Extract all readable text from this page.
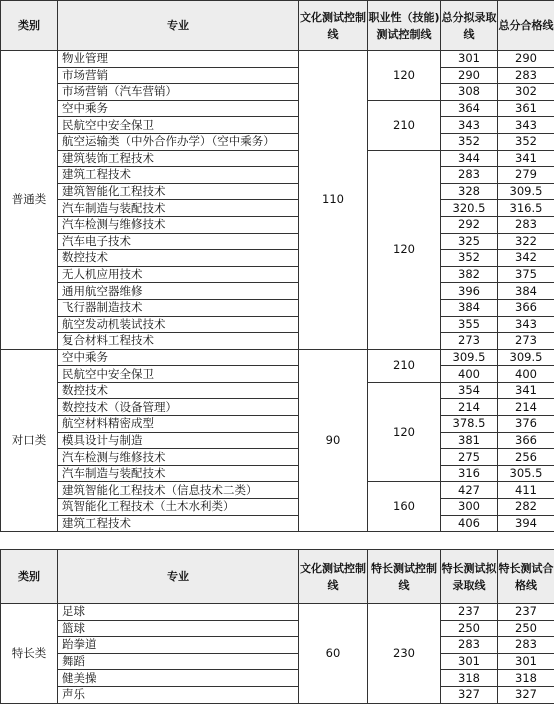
类别	专业	文化测试控制线	职业性（技能)测试控制线	总分拟录取线	总分合格线
普通类	物业管理	110	120	301	290
	市场营销			290	283
	市场营销（汽车营销）			308	302
	空中乘务		210	364	361
	民航空中安全保卫			343	343
	航空运输类（中外合作办学）（空中乘务）			352	352
	建筑装饰工程技术		120	344	341
	建筑工程技术			283	279
	建筑智能化工程技术			328	309.5
	汽车制造与装配技术			320.5	316.5
	汽车检测与维修技术			292	283
	汽车电子技术			325	322
	数控技术			352	342
	无人机应用技术			382	375
	通用航空器维修			396	384
	飞行器制造技术			384	366
	航空发动机装试技术			355	343
	复合材料工程技术			273	273
对口类	空中乘务	90	210	309.5	309.5
	民航空中安全保卫			400	400
	数控技术		120	354	341
	数控技术（设备管理）			214	214
	航空材料精密成型			378.5	376
	模具设计与制造			381	366
	汽车检测与维修技术			275	256
	汽车制造与装配技术			316	305.5
	建筑智能化工程技术（信息技术二类）		160	427	411
	筑智能化工程技术（土木水利类）			300	282
	建筑工程技术			406	394
类别	专业	文化测试控制线	特长测试控制线	特长测试拟录取线	特长测试合格线
特长类	足球	60	230	237	237
	篮球			250	250
	跆拳道			283	283
	舞蹈			301	301
	健美操			318	318
	声乐			327	327
